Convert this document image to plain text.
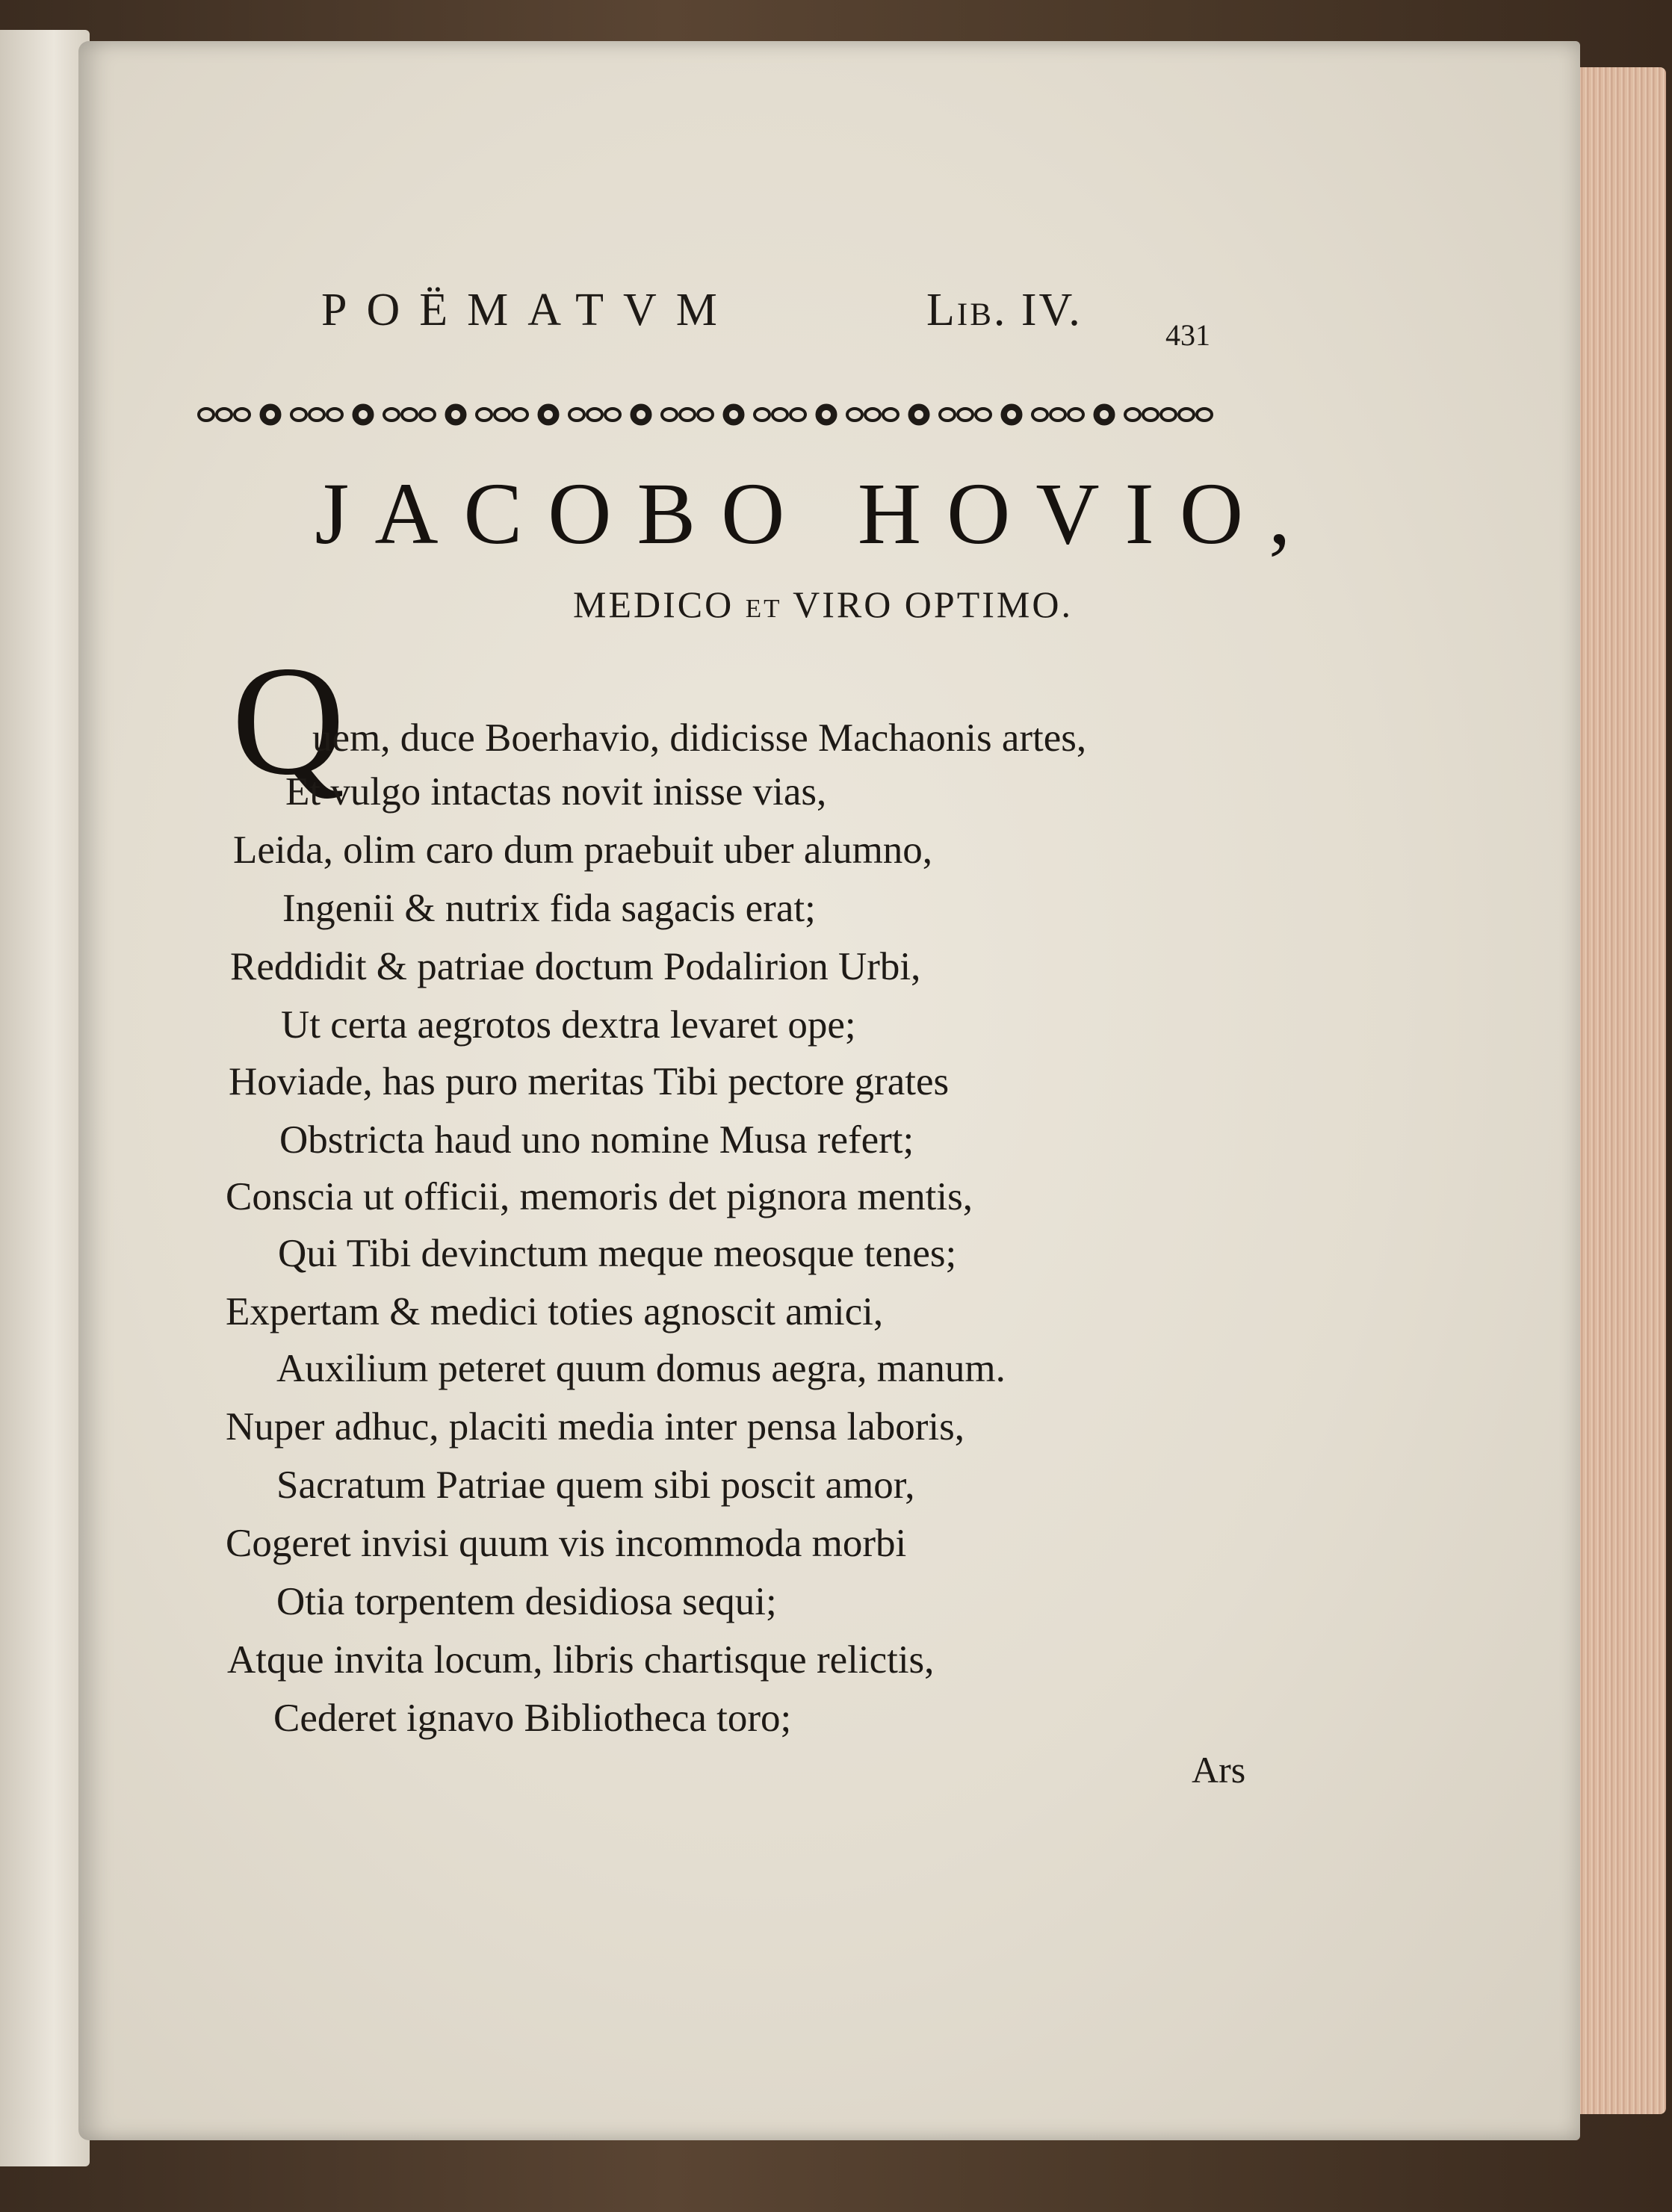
POËMATVM	Lib. IV.	431
JACOBO HOVIO,
MEDICO et VIRO OPTIMO.
Q
uem, duce Boerhavio, didicisse Machaonis artes,
Et vulgo intactas novit inisse vias,
Leida, olim caro dum praebuit uber alumno,
Ingenii & nutrix fida sagacis erat;
Reddidit & patriae doctum Podalirion Urbi,
Ut certa aegrotos dextra levaret ope;
Hoviade, has puro meritas Tibi pectore grates
Obstricta haud uno nomine Musa refert;
Conscia ut officii, memoris det pignora mentis,
Qui Tibi devinctum meque meosque tenes;
Expertam & medici toties agnoscit amici,
Auxilium peteret quum domus aegra, manum.
Nuper adhuc, placiti media inter pensa laboris,
Sacratum Patriae quem sibi poscit amor,
Cogeret invisi quum vis incommoda morbi
Otia torpentem desidiosa sequi;
Atque invita locum, libris chartisque relictis,
Cederet ignavo Bibliotheca toro;
Ars
